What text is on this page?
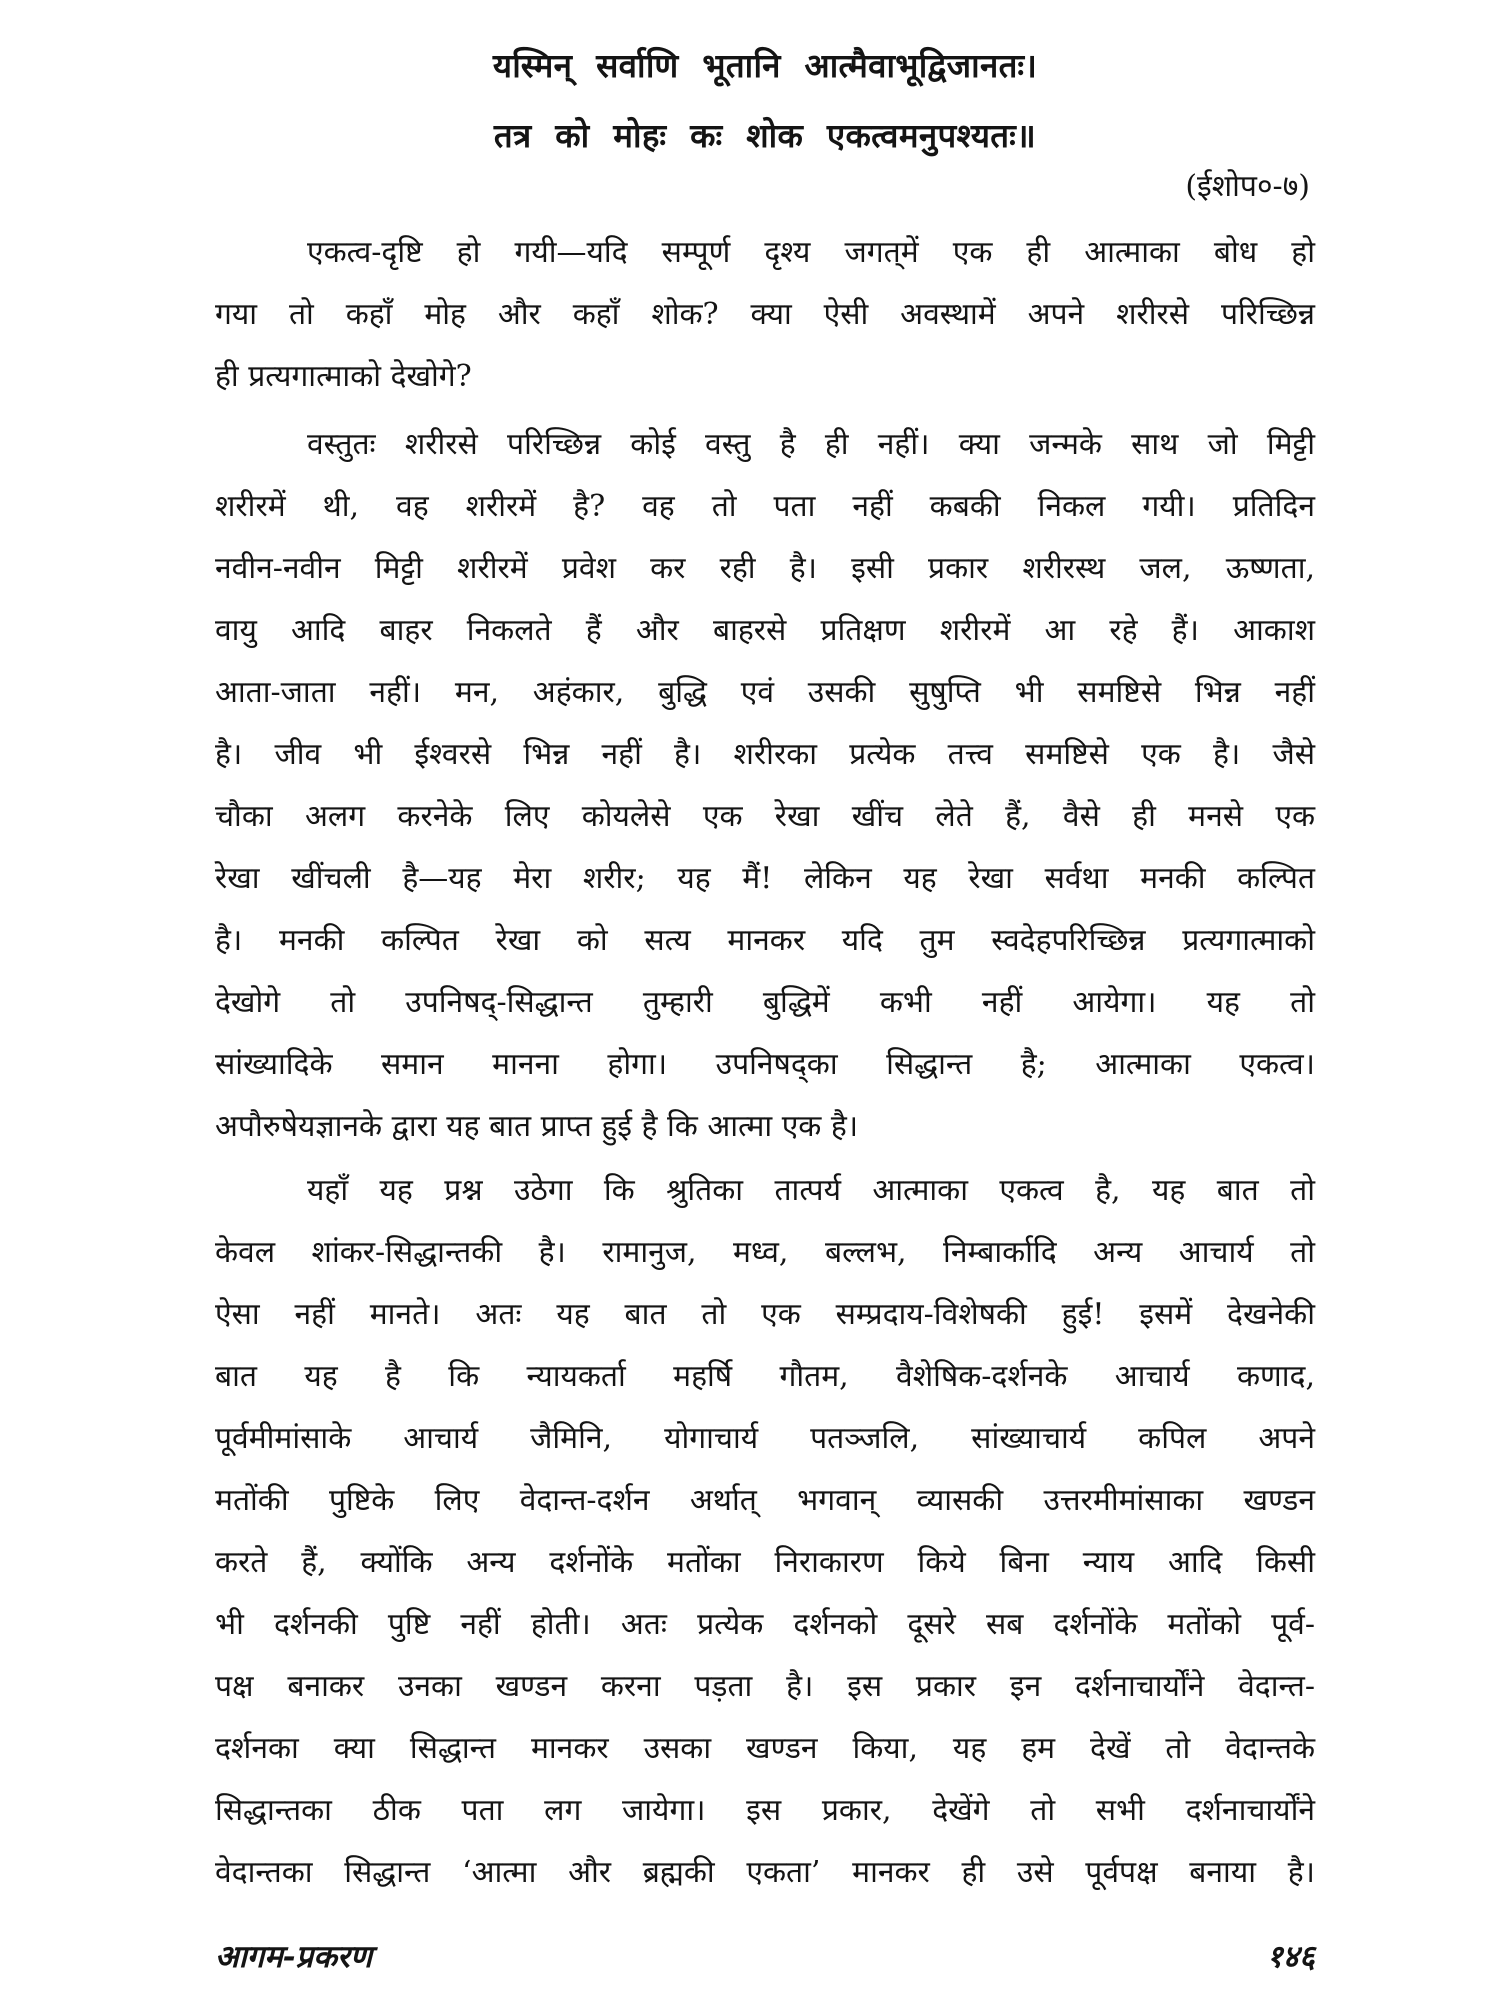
यस्मिन् सर्वाणि भूतानि आत्मैवाभूद्विजानतः।
तत्र को मोहः कः शोक एकत्वमनुपश्यतः॥
(ईशोप०-७)
एकत्व-दृष्टि हो गयी—यदि सम्पूर्ण दृश्य जगत्‌में एक ही आत्माका बोध हो
गया तो कहाँ मोह और कहाँ शोक? क्या ऐसी अवस्थामें अपने शरीरसे परिच्छिन्न
ही प्रत्यगात्माको देखोगे?
वस्तुतः शरीरसे परिच्छिन्न कोई वस्तु है ही नहीं। क्या जन्मके साथ जो मिट्टी
शरीरमें थी, वह शरीरमें है? वह तो पता नहीं कबकी निकल गयी। प्रतिदिन
नवीन-नवीन मिट्टी शरीरमें प्रवेश कर रही है। इसी प्रकार शरीरस्थ जल, ऊष्णता,
वायु आदि बाहर निकलते हैं और बाहरसे प्रतिक्षण शरीरमें आ रहे हैं। आकाश
आता-जाता नहीं। मन, अहंकार, बुद्धि एवं उसकी सुषुप्ति भी समष्टिसे भिन्न नहीं
है। जीव भी ईश्वरसे भिन्न नहीं है। शरीरका प्रत्येक तत्त्व समष्टिसे एक है। जैसे
चौका अलग करनेके लिए कोयलेसे एक रेखा खींच लेते हैं, वैसे ही मनसे एक
रेखा खींचली है—यह मेरा शरीर; यह मैं! लेकिन यह रेखा सर्वथा मनकी कल्पित
है। मनकी कल्पित रेखा को सत्य मानकर यदि तुम स्वदेहपरिच्छिन्न प्रत्यगात्माको
देखोगे तो उपनिषद्-सिद्धान्त तुम्हारी बुद्धिमें कभी नहीं आयेगा। यह तो
सांख्यादिके समान मानना होगा। उपनिषद्का सिद्धान्त है; आत्माका एकत्व।
अपौरुषेयज्ञानके द्वारा यह बात प्राप्त हुई है कि आत्मा एक है।
यहाँ यह प्रश्न उठेगा कि श्रुतिका तात्पर्य आत्माका एकत्व है, यह बात तो
केवल शांकर-सिद्धान्तकी है। रामानुज, मध्व, बल्लभ, निम्बार्कादि अन्य आचार्य तो
ऐसा नहीं मानते। अतः यह बात तो एक सम्प्रदाय-विशेषकी हुई! इसमें देखनेकी
बात यह है कि न्यायकर्ता महर्षि गौतम, वैशेषिक-दर्शनके आचार्य कणाद,
पूर्वमीमांसाके आचार्य जैमिनि, योगाचार्य पतञ्जलि, सांख्याचार्य कपिल अपने
मतोंकी पुष्टिके लिए वेदान्त-दर्शन अर्थात् भगवान् व्यासकी उत्तरमीमांसाका खण्डन
करते हैं, क्योंकि अन्य दर्शनोंके मतोंका निराकारण किये बिना न्याय आदि किसी
भी दर्शनकी पुष्टि नहीं होती। अतः प्रत्येक दर्शनको दूसरे सब दर्शनोंके मतोंको पूर्व-
पक्ष बनाकर उनका खण्डन करना पड़ता है। इस प्रकार इन दर्शनाचार्योंने वेदान्त-
दर्शनका क्या सिद्धान्त मानकर उसका खण्डन किया, यह हम देखें तो वेदान्तके
सिद्धान्तका ठीक पता लग जायेगा। इस प्रकार, देखेंगे तो सभी दर्शनाचार्योंने
वेदान्तका सिद्धान्त ‘आत्मा और ब्रह्मकी एकता’ मानकर ही उसे पूर्वपक्ष बनाया है।
आगम-प्रकरण	१४६
